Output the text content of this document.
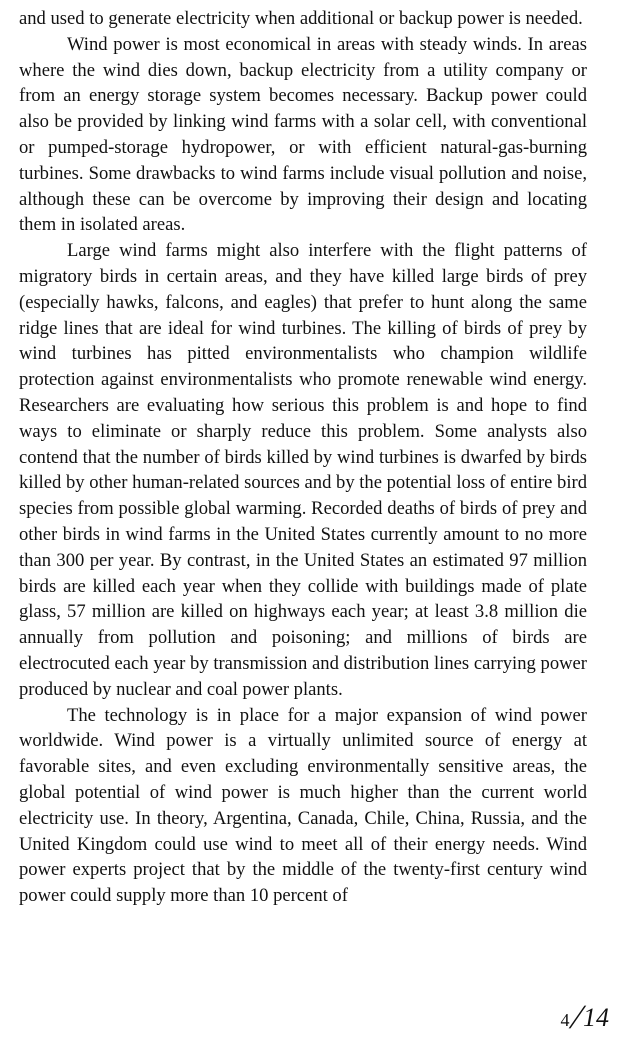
and used to generate electricity when additional or backup power is needed.

Wind power is most economical in areas with steady winds. In areas where the wind dies down, backup electricity from a utility company or from an energy storage system becomes necessary. Backup power could also be provided by linking wind farms with a solar cell, with conventional or pumped-storage hydropower, or with efficient natural-gas-burning turbines. Some drawbacks to wind farms include visual pollution and noise, although these can be overcome by improving their design and locating them in isolated areas.

Large wind farms might also interfere with the flight patterns of migratory birds in certain areas, and they have killed large birds of prey (especially hawks, falcons, and eagles) that prefer to hunt along the same ridge lines that are ideal for wind turbines. The killing of birds of prey by wind turbines has pitted environmentalists who champion wildlife protection against environmentalists who promote renewable wind energy. Researchers are evaluating how serious this problem is and hope to find ways to eliminate or sharply reduce this problem. Some analysts also contend that the number of birds killed by wind turbines is dwarfed by birds killed by other human-related sources and by the potential loss of entire bird species from possible global warming. Recorded deaths of birds of prey and other birds in wind farms in the United States currently amount to no more than 300 per year. By contrast, in the United States an estimated 97 million birds are killed each year when they collide with buildings made of plate glass, 57 million are killed on highways each year; at least 3.8 million die annually from pollution and poisoning; and millions of birds are electrocuted each year by transmission and distribution lines carrying power produced by nuclear and coal power plants.

The technology is in place for a major expansion of wind power worldwide. Wind power is a virtually unlimited source of energy at favorable sites, and even excluding environmentally sensitive areas, the global potential of wind power is much higher than the current world electricity use. In theory, Argentina, Canada, Chile, China, Russia, and the United Kingdom could use wind to meet all of their energy needs. Wind power experts project that by the middle of the twenty-first century wind power could supply more than 10 percent of

4
/
14
